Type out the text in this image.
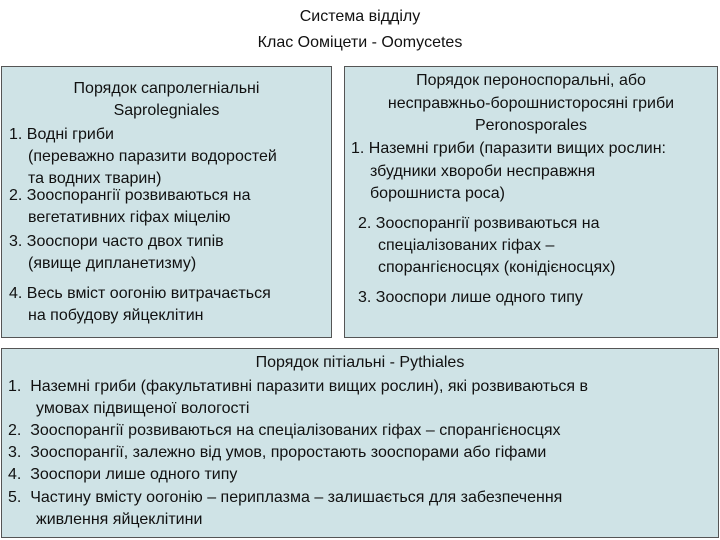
Система відділу
Клас Ооміцети - Oomycetes
Порядок сапролегніальні
Saprolegniales
1. Водні гриби
(переважно паразити водоростей
та водних тварин)
2. Зооспорангії розвиваються на
вегетативних гіфах міцелію
3. Зооспори часто двох типів
(явище дипланетизму)
4. Весь вміст оогонію витрачається
на побудову яйцеклітин
Порядок пероноспоральні, або
несправжньо-борошнисторосяні гриби
Peronosporales
1. Наземні гриби (паразити вищих рослин:
збудники хвороби несправжня
борошниста роса)
2. Зооспорангії розвиваються на
спеціалізованих гіфах –
спорангієносцях (конідієносцях)
3. Зооспори лише одного типу
Порядок пітіальні - Pythiales
1.  Наземні гриби (факультативні паразити вищих рослин), які розвиваються в
умовах підвищеної вологості
2.  Зооспорангії розвиваються на спеціалізованих гіфах – спорангієносцях
3.  Зооспорангії, залежно від умов, проростають зооспорами або гіфами
4.  Зооспори лише одного типу
5.  Частину вмісту оогонію – периплазма – залишається для забезпечення
живлення яйцеклітини
